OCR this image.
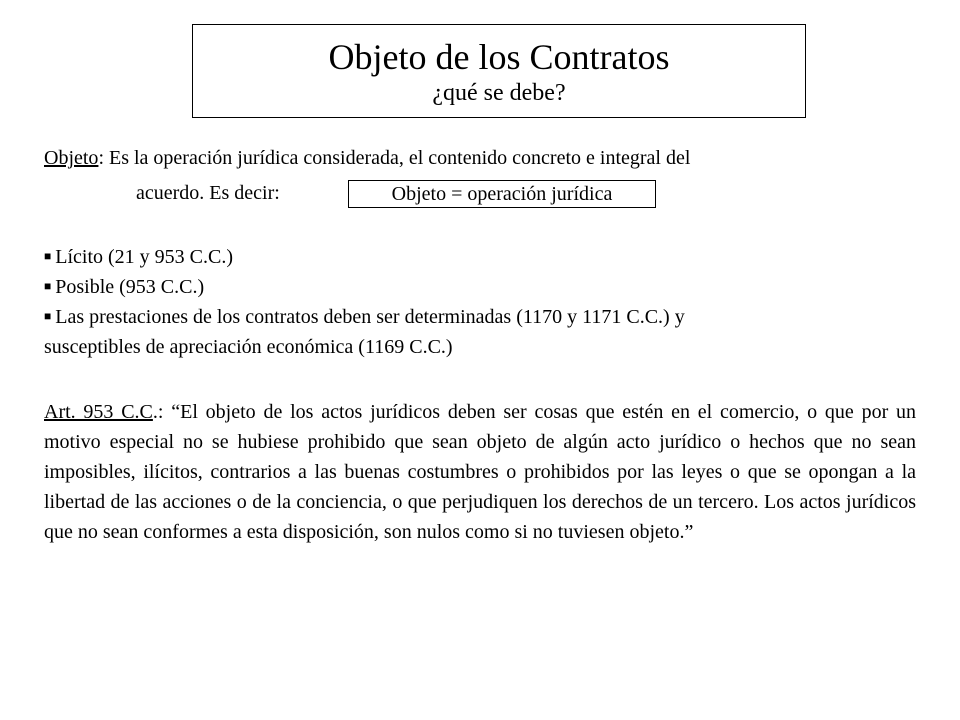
Objeto de los Contratos
¿qué se debe?
Objeto: Es la operación jurídica considerada, el contenido concreto e integral del
acuerdo. Es decir:	Objeto = operación jurídica
■ Lícito (21 y 953 C.C.)
■ Posible (953 C.C.)
■ Las prestaciones de los contratos deben ser determinadas (1170 y 1171 C.C.) y
susceptibles de apreciación económica (1169 C.C.)
Art. 953 C.C.: “El objeto de los actos jurídicos deben ser cosas que estén en el comercio, o que por un motivo especial no se hubiese prohibido que sean objeto de algún acto jurídico o hechos que no sean imposibles, ilícitos, contrarios a las buenas costumbres o prohibidos por las leyes o que se opongan a la libertad de las acciones o de la conciencia, o que perjudiquen los derechos de un tercero. Los actos jurídicos que no sean conformes a esta disposición, son nulos como si no tuviesen objeto.”
